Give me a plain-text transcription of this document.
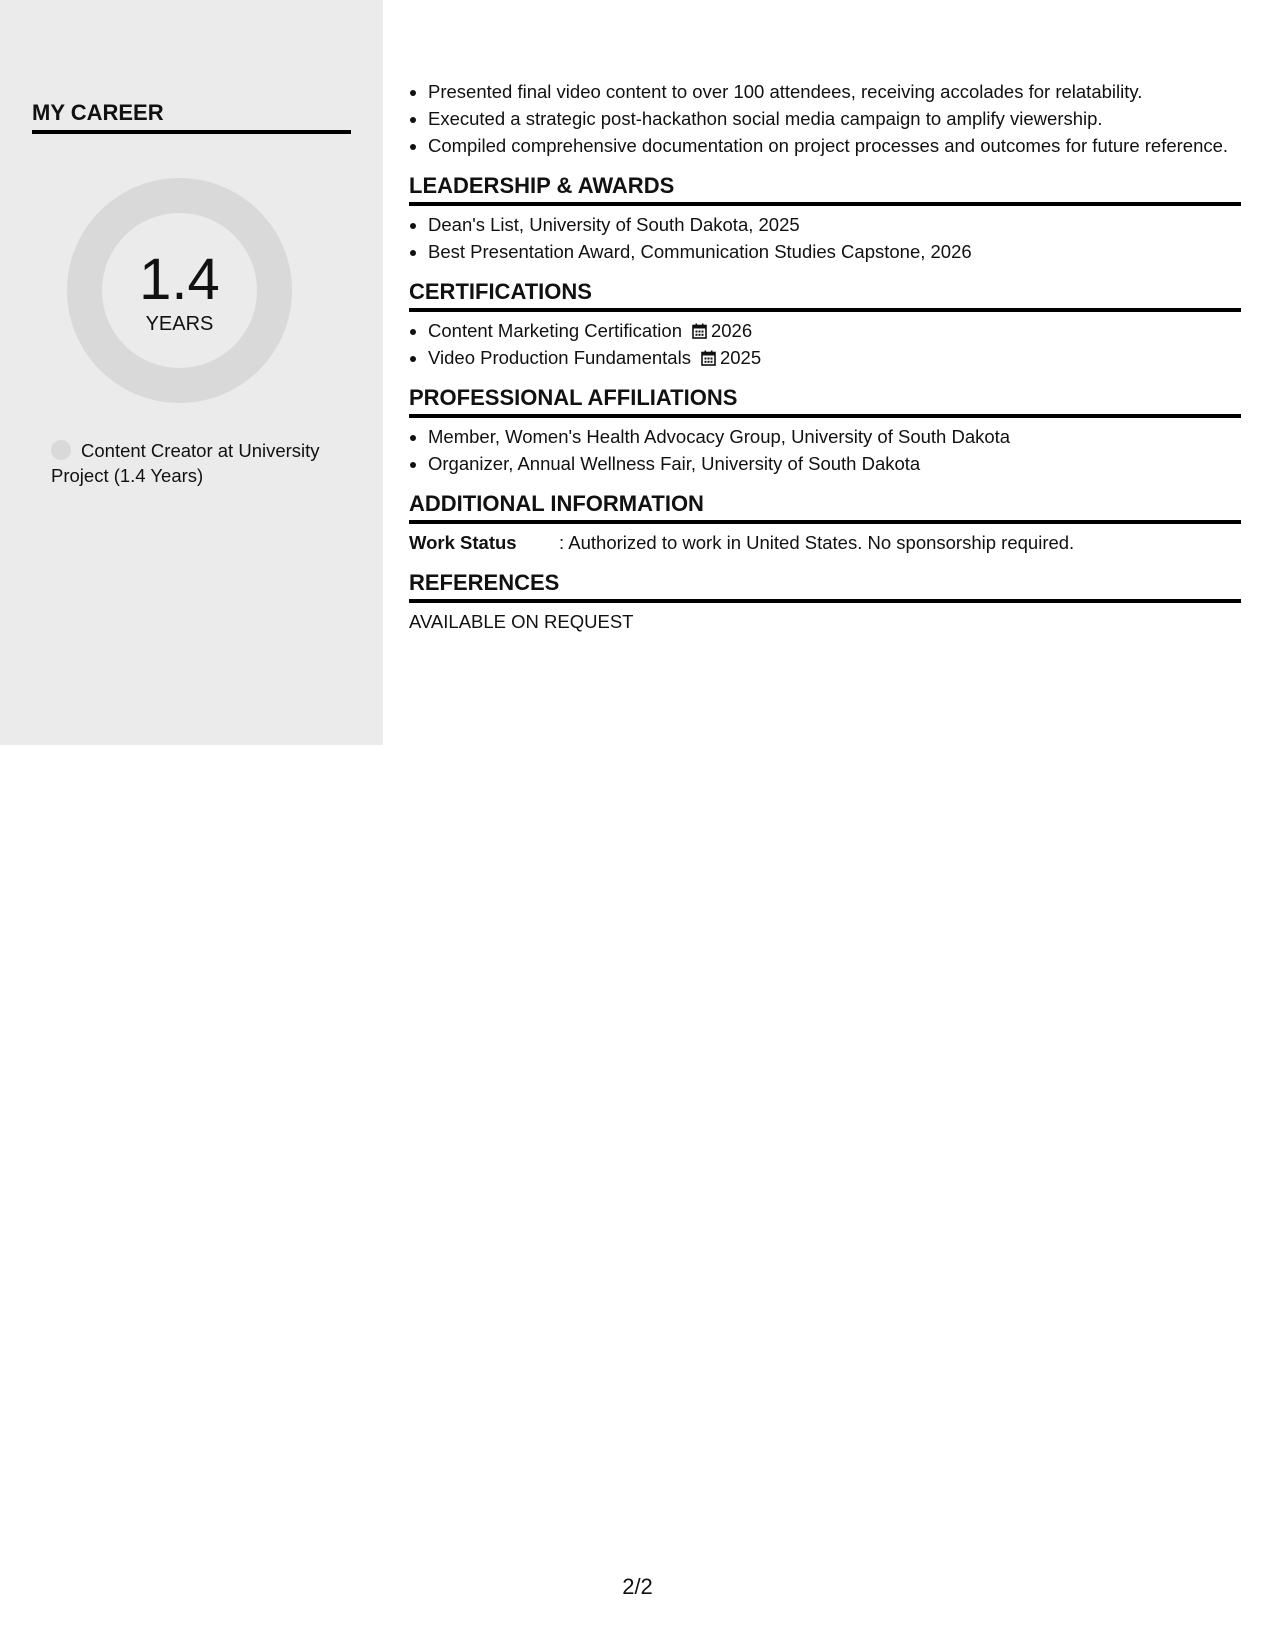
MY CAREER
1.4
YEARS
Content Creator at University Project (1.4 Years)
• Presented final video content to over 100 attendees, receiving accolades for relatability.
• Executed a strategic post-hackathon social media campaign to amplify viewership.
• Compiled comprehensive documentation on project processes and outcomes for future reference.
LEADERSHIP & AWARDS
• Dean's List, University of South Dakota, 2025
• Best Presentation Award, Communication Studies Capstone, 2026
CERTIFICATIONS
• Content Marketing Certification 2026
• Video Production Fundamentals 2025
PROFESSIONAL AFFILIATIONS
• Member, Women's Health Advocacy Group, University of South Dakota
• Organizer, Annual Wellness Fair, University of South Dakota
ADDITIONAL INFORMATION
Work Status : Authorized to work in United States. No sponsorship required.
REFERENCES
AVAILABLE ON REQUEST
2/2
